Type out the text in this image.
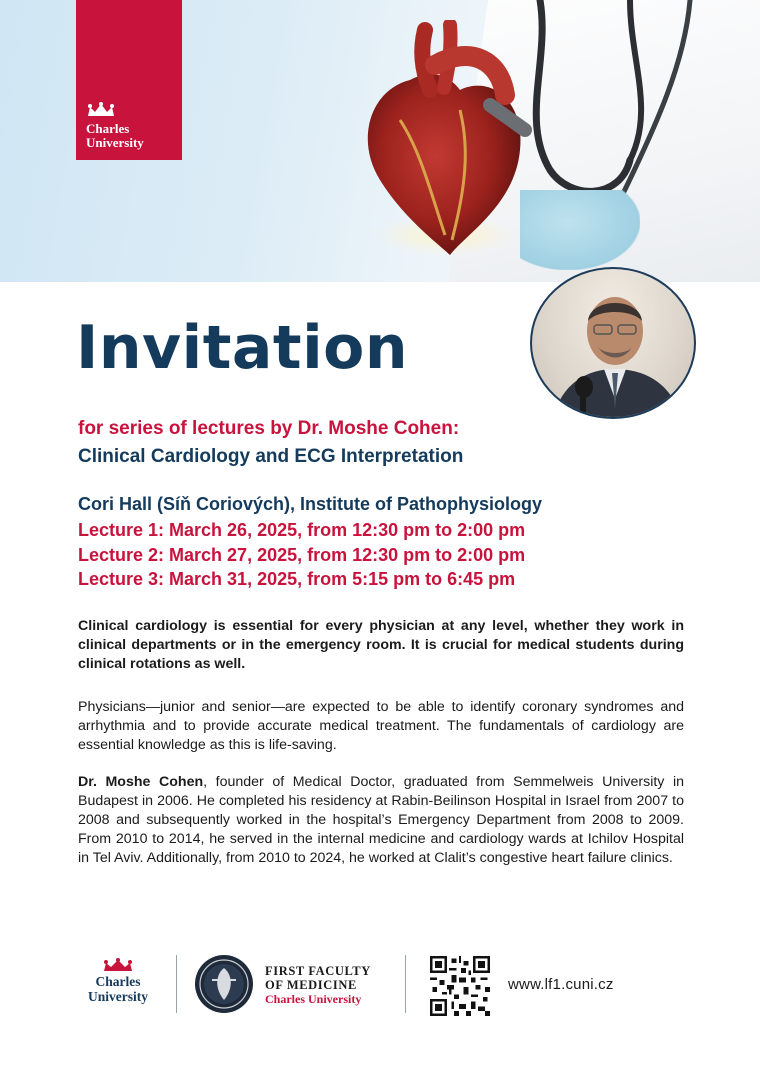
Charles
University
Invitation
for series of lectures by Dr. Moshe Cohen:
Clinical Cardiology and ECG Interpretation
Cori Hall (Síň Coriových), Institute of Pathophysiology
Lecture 1: March 26, 2025, from 12:30 pm to 2:00 pm
Lecture 2: March 27, 2025, from 12:30 pm to 2:00 pm
Lecture 3: March 31, 2025, from 5:15 pm to 6:45 pm

Clinical cardiology is essential for every physician at any level, whether they work in clinical departments or in the emergency room. It is crucial for medical students during clinical rotations as well.

Physicians—junior and senior—are expected to be able to identify coronary syndromes and arrhythmia and to provide accurate medical treatment. The fundamentals of cardiology are essential knowledge as this is life-saving.

Dr. Moshe Cohen, founder of Medical Doctor, graduated from Semmelweis University in Budapest in 2006. He completed his residency at Rabin-Beilinson Hospital in Israel from 2007 to 2008 and subsequently worked in the hospital’s Emergency Department from 2008 to 2009. From 2010 to 2014, he served in the internal medicine and cardiology wards at Ichilov Hospital in Tel Aviv. Additionally, from 2010 to 2024, he worked at Clalit’s congestive heart failure clinics.

Charles
University
FIRST FACULTY
OF MEDICINE
Charles University
www.lf1.cuni.cz
